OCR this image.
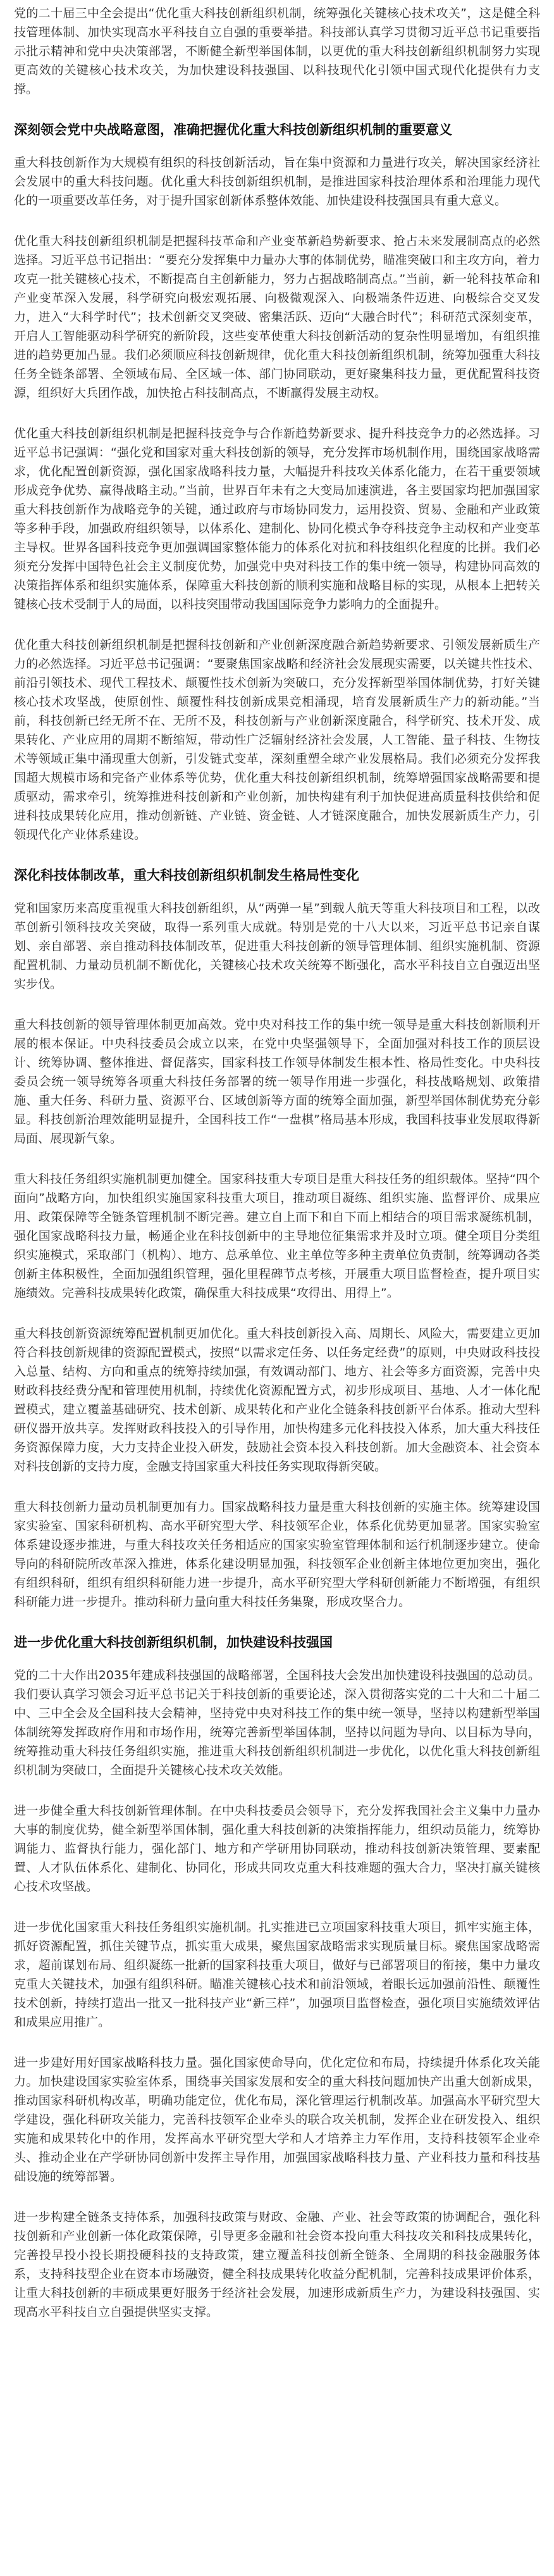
党的二十届三中全会提出“优化重大科技创新组织机制，统筹强化关键核心技术攻关”，这是健全科技管理体制、加快实现高水平科技自立自强的重要举措。科技部认真学习贯彻习近平总书记重要指示批示精神和党中央决策部署，不断健全新型举国体制，以更优的重大科技创新组织机制努力实现更高效的关键核心技术攻关，为加快建设科技强国、以科技现代化引领中国式现代化提供有力支撑。

深刻领会党中央战略意图，准确把握优化重大科技创新组织机制的重要意义

重大科技创新作为大规模有组织的科技创新活动，旨在集中资源和力量进行攻关，解决国家经济社会发展中的重大科技问题。优化重大科技创新组织机制，是推进国家科技治理体系和治理能力现代化的一项重要改革任务，对于提升国家创新体系整体效能、加快建设科技强国具有重大意义。

优化重大科技创新组织机制是把握科技革命和产业变革新趋势新要求、抢占未来发展制高点的必然选择。习近平总书记指出：“要充分发挥集中力量办大事的体制优势，瞄准突破口和主攻方向，着力攻克一批关键核心技术，不断提高自主创新能力，努力占据战略制高点。”当前，新一轮科技革命和产业变革深入发展，科学研究向极宏观拓展、向极微观深入、向极端条件迈进、向极综合交叉发力，进入“大科学时代”；技术创新交叉突破、密集活跃、迈向“大融合时代”；科研范式深刻变革，开启人工智能驱动科学研究的新阶段，这些变革使重大科技创新活动的复杂性明显增加，有组织推进的趋势更加凸显。我们必须顺应科技创新规律，优化重大科技创新组织机制，统筹加强重大科技任务全链条部署、全领域布局、全区域一体、部门协同联动，更好聚集科技力量，更优配置科技资源，组织好大兵团作战，加快抢占科技制高点，不断赢得发展主动权。

优化重大科技创新组织机制是把握科技竞争与合作新趋势新要求、提升科技竞争力的必然选择。习近平总书记强调：“强化党和国家对重大科技创新的领导，充分发挥市场机制作用，围绕国家战略需求，优化配置创新资源，强化国家战略科技力量，大幅提升科技攻关体系化能力，在若干重要领域形成竞争优势、赢得战略主动。”当前，世界百年未有之大变局加速演进，各主要国家均把加强国家重大科技创新作为战略竞争的关键，通过政府与市场协同发力，运用投资、贸易、金融和产业政策等多种手段，加强政府组织领导，以体系化、建制化、协同化模式争夺科技竞争主动权和产业变革主导权。世界各国科技竞争更加强调国家整体能力的体系化对抗和科技组织化程度的比拼。我们必须充分发挥中国特色社会主义制度优势，加强党中央对科技工作的集中统一领导，构建协同高效的决策指挥体系和组织实施体系，保障重大科技创新的顺利实施和战略目标的实现，从根本上把转关键核心技术受制于人的局面，以科技突围带动我国国际竞争力影响力的全面提升。

优化重大科技创新组织机制是把握科技创新和产业创新深度融合新趋势新要求、引领发展新质生产力的必然选择。习近平总书记强调：“要聚焦国家战略和经济社会发展现实需要，以关键共性技术、前沿引领技术、现代工程技术、颠覆性技术创新为突破口，充分发挥新型举国体制优势，打好关键核心技术攻坚战，使原创性、颠覆性科技创新成果竞相涌现，培育发展新质生产力的新动能。”当前，科技创新已经无所不在、无所不及，科技创新与产业创新深度融合，科学研究、技术开发、成果转化、产业应用的周期不断缩短，带动性广泛辐射经济社会发展，人工智能、量子科技、生物技术等领域正集中涌现重大创新，引发链式变革，深刻重塑全球产业发展格局。我们必须充分发挥我国超大规模市场和完备产业体系等优势，优化重大科技创新组织机制，统筹增强国家战略需要和提质驱动，需求牵引，统筹推进科技创新和产业创新，加快构建有利于加快促进高质量科技供给和促进科技成果转化应用，推动创新链、产业链、资金链、人才链深度融合，加快发展新质生产力，引领现代化产业体系建设。

深化科技体制改革，重大科技创新组织机制发生格局性变化

党和国家历来高度重视重大科技创新组织，从“两弹一星”到载人航天等重大科技项目和工程，以改革创新引领科技攻关突破，取得一系列重大成就。特别是党的十八大以来，习近平总书记亲自谋划、亲自部署、亲自推动科技体制改革，促进重大科技创新的领导管理体制、组织实施机制、资源配置机制、力量动员机制不断优化，关键核心技术攻关统筹不断强化，高水平科技自立自强迈出坚实步伐。

重大科技创新的领导管理体制更加高效。党中央对科技工作的集中统一领导是重大科技创新顺利开展的根本保证。中央科技委员会成立以来，在党中央坚强领导下，全面加强对科技工作的顶层设计、统筹协调、整体推进、督促落实，国家科技工作领导体制发生根本性、格局性变化。中央科技委员会统一领导统筹各项重大科技任务部署的统一领导作用进一步强化，科技战略规划、政策措施、重大任务、科研力量、资源平台、区域创新等方面的统筹全面加强，新型举国体制优势充分彰显。科技创新治理效能明显提升，全国科技工作“一盘棋”格局基本形成，我国科技事业发展取得新局面、展现新气象。

重大科技任务组织实施机制更加健全。国家科技重大专项目是重大科技任务的组织载体。坚持“四个面向”战略方向，加快组织实施国家科技重大项目，推动项目凝练、组织实施、监督评价、成果应用、政策保障等全链条管理机制不断完善。建立自上而下和自下而上相结合的项目需求凝练机制，强化国家战略科技力量，畅通企业在科技创新中的主导地位征集需求并及时立项。健全项目分类组织实施模式，采取部门（机构）、地方、总承单位、业主单位等多种主责单位负责制，统筹调动各类创新主体积极性，全面加强组织管理，强化里程碑节点考核，开展重大项目监督检查，提升项目实施绩效。完善科技成果转化政策，确保重大科技成果“攻得出、用得上”。

重大科技创新资源统筹配置机制更加优化。重大科技创新投入高、周期长、风险大，需要建立更加符合科技创新规律的资源配置模式，按照“以需求定任务、以任务定经费”的原则，中央财政科技投入总量、结构、方向和重点的统筹持续加强，有效调动部门、地方、社会等多方面资源，完善中央财政科技经费分配和管理使用机制，持续优化资源配置方式，初步形成项目、基地、人才一体化配置模式，建立覆盖基础研究、技术创新、成果转化和产业化全链条科技创新平台体系。推动大型科研仪器开放共享。发挥财政科技投入的引导作用，加快构建多元化科技投入体系，加大重大科技任务资源保障力度，大力支持企业投入研发，鼓励社会资本投入科技创新。加大金融资本、社会资本对科技创新的支持力度，金融支持国家重大科技任务实现取得新突破。

重大科技创新力量动员机制更加有力。国家战略科技力量是重大科技创新的实施主体。统筹建设国家实验室、国家科研机构、高水平研究型大学、科技领军企业，体系化优势更加显著。国家实验室体系建设逐步推进，与重大科技攻关任务相适应的国家实验室管理体制和运行机制逐步建立。使命导向的科研院所改革深入推进，体系化建设明显加强，科技领军企业创新主体地位更加突出，强化有组织科研，组织有组织科研能力进一步提升，高水平研究型大学科研创新能力不断增强，有组织科研能力进一步提升。推动科研力量向重大科技任务集聚，形成攻坚合力。

进一步优化重大科技创新组织机制，加快建设科技强国

党的二十大作出2035年建成科技强国的战略部署，全国科技大会发出加快建设科技强国的总动员。我们要认真学习领会习近平总书记关于科技创新的重要论述，深入贯彻落实党的二十大和二十届二中、三中全会及全国科技大会精神，坚持党中央对科技工作的集中统一领导，坚持以构建新型举国体制统筹发挥政府作用和市场作用，统筹完善新型举国体制，坚持以问题为导向、以目标为导向，统筹推动重大科技任务组织实施，推进重大科技创新组织机制进一步优化，以优化重大科技创新组织机制为突破口，全面提升关键核心技术攻关效能。

进一步健全重大科技创新管理体制。在中央科技委员会领导下，充分发挥我国社会主义集中力量办大事的制度优势，健全新型举国体制，强化重大科技创新的决策指挥能力，组织动员能力，统筹协调能力、监督执行能力，强化部门、地方和产学研用协同联动，推动科技创新决策管理、要素配置、人才队伍体系化、建制化、协同化，形成共同攻克重大科技难题的强大合力，坚决打赢关键核心技术攻坚战。

进一步优化国家重大科技任务组织实施机制。扎实推进已立项国家科技重大项目，抓牢实施主体，抓好资源配置，抓住关键节点，抓实重大成果，聚焦国家战略需求实现质量目标。聚焦国家战略需求，超前谋划布局、组织凝练一批新的国家科技重大项目，做好与已部署项目的衔接，集中力量攻克重大关键技术，加强有组织科研。瞄准关键核心技术和前沿领域，着眼长远加强前沿性、颠覆性技术创新，持续打造出一批又一批科技产业“新三样”，加强项目监督检查，强化项目实施绩效评估和成果应用推广。

进一步建好用好国家战略科技力量。强化国家使命导向，优化定位和布局，持续提升体系化攻关能力。加快建设国家实验室体系，围绕事关国家发展和安全的重大科技问题加快产出重大创新成果，推动国家科研机构改革，明确功能定位，优化布局，深化管理运行机制改革。加强高水平研究型大学建设，强化科研攻关能力，完善科技领军企业牵头的联合攻关机制，发挥企业在研发投入、组织实施和成果转化中的作用，发挥高水平研究型大学和人才培养主力军作用，支持科技领军企业牵头、推动企业在产学研协同创新中发挥主导作用，加强国家战略科技力量、产业科技力量和科技基础设施的统筹部署。

进一步构建全链条支持体系，加强科技政策与财政、金融、产业、社会等政策的协调配合，强化科技创新和产业创新一体化政策保障，引导更多金融和社会资本投向重大科技攻关和科技成果转化，完善投早投小投长期投硬科技的支持政策，建立覆盖科技创新全链条、全周期的科技金融服务体系，支持科技型企业在资本市场融资，健全科技成果转化收益分配机制，完善科技成果评价体系，让重大科技创新的丰硕成果更好服务于经济社会发展，加速形成新质生产力，为建设科技强国、实现高水平科技自立自强提供坚实支撑。
